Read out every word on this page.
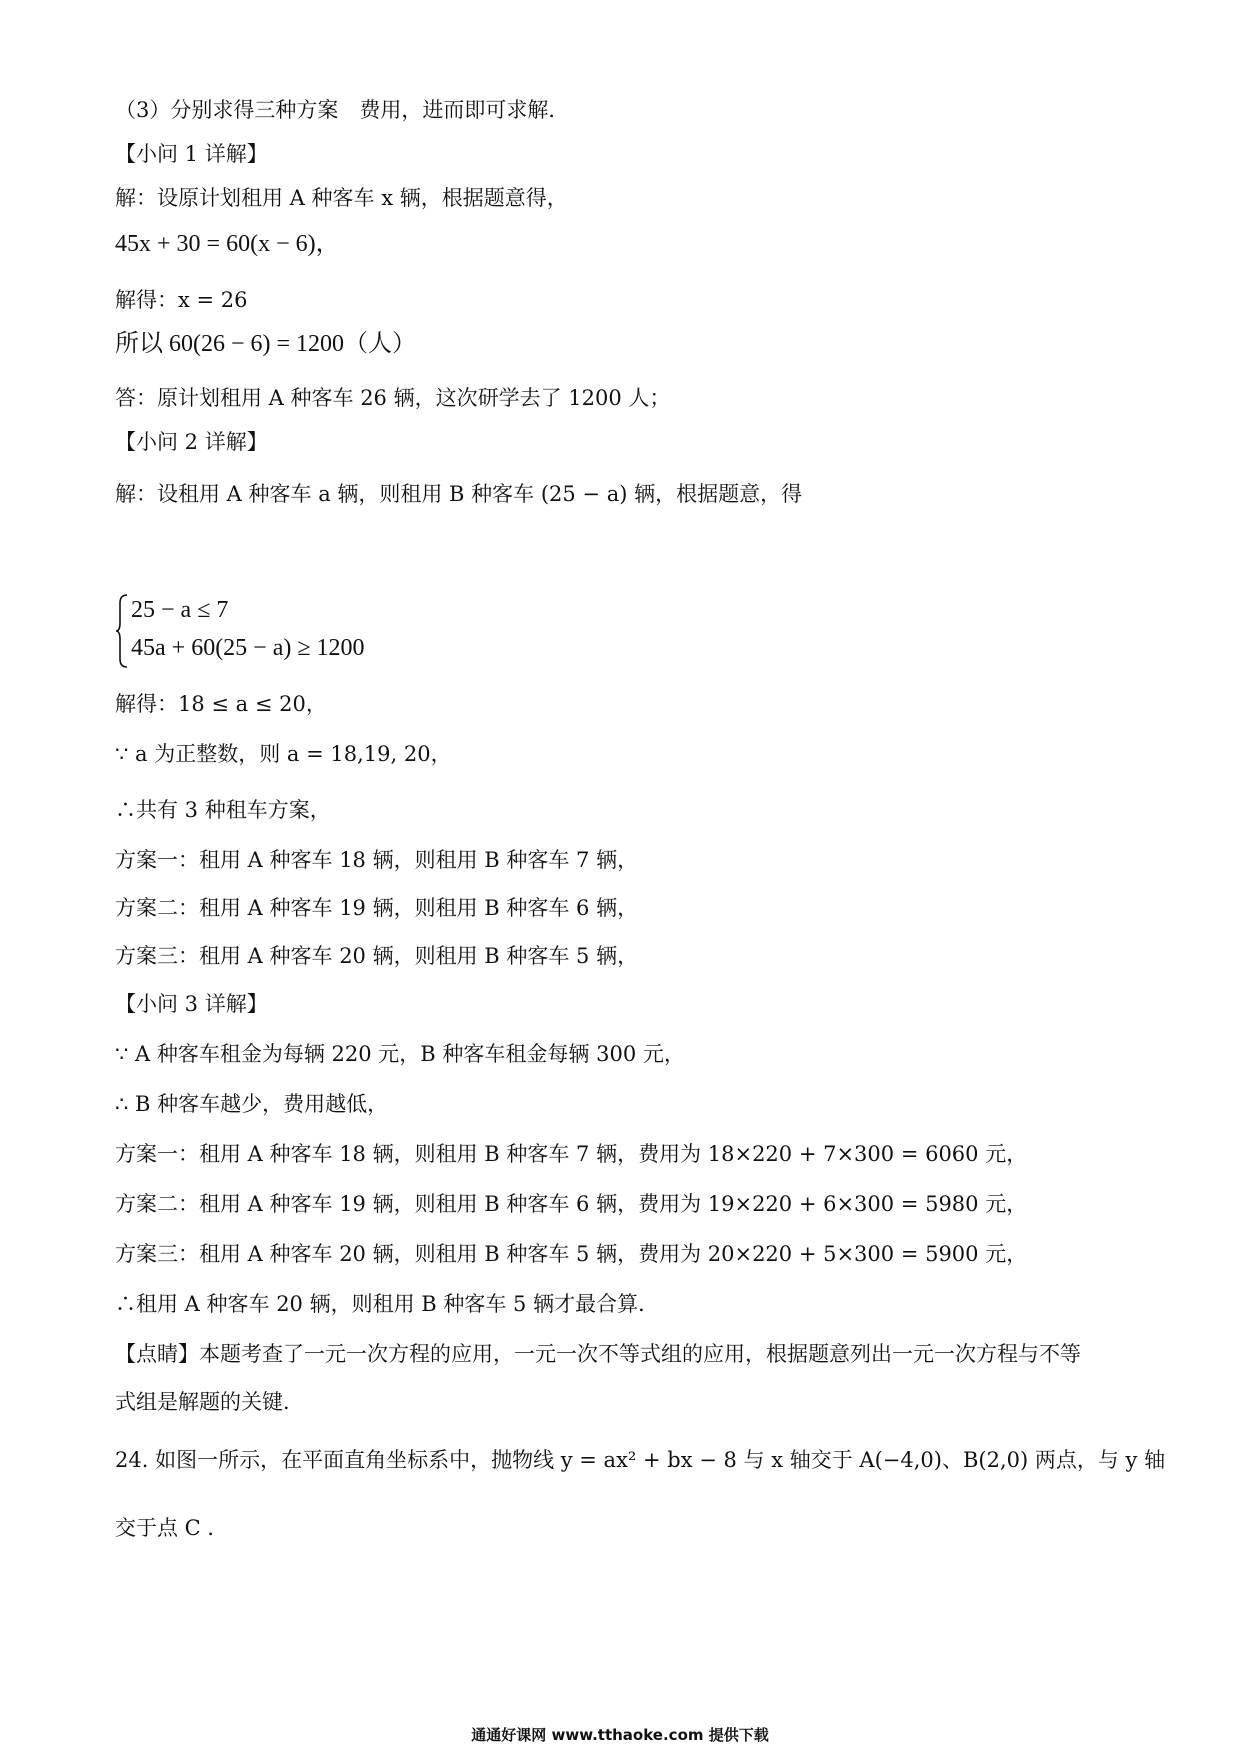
（3）分别求得三种方案　费用，进而即可求解．
【小问 1 详解】
解：设原计划租用 A 种客车 x 辆，根据题意得，
45x + 30 = 60(x − 6)，
解得：x = 26
所以 60(26 − 6) = 1200（人）
答：原计划租用 A 种客车 26 辆，这次研学去了 1200 人；
【小问 2 详解】
解：设租用 A 种客车 a 辆，则租用 B 种客车 (25 − a) 辆，根据题意，得
25 − a ≤ 7
45a + 60(25 − a) ≥ 1200
解得：18 ≤ a ≤ 20，
∵ a 为正整数，则 a = 18,19, 20，
∴共有 3 种租车方案，
方案一：租用 A 种客车 18 辆，则租用 B 种客车 7 辆，
方案二：租用 A 种客车 19 辆，则租用 B 种客车 6 辆，
方案三：租用 A 种客车 20 辆，则租用 B 种客车 5 辆，
【小问 3 详解】
∵ A 种客车租金为每辆 220 元，B 种客车租金每辆 300 元，
∴ B 种客车越少，费用越低，
方案一：租用 A 种客车 18 辆，则租用 B 种客车 7 辆，费用为 18×220 + 7×300 = 6060 元，
方案二：租用 A 种客车 19 辆，则租用 B 种客车 6 辆，费用为 19×220 + 6×300 = 5980 元，
方案三：租用 A 种客车 20 辆，则租用 B 种客车 5 辆，费用为 20×220 + 5×300 = 5900 元，
∴租用 A 种客车 20 辆，则租用 B 种客车 5 辆才最合算．
【点睛】本题考查了一元一次方程的应用，一元一次不等式组的应用，根据题意列出一元一次方程与不等
式组是解题的关键．
24. 如图一所示，在平面直角坐标系中，抛物线 y = ax² + bx − 8 与 x 轴交于 A(−4,0)、B(2,0) 两点，与 y 轴
交于点 C ．
通通好课网 www.tthaoke.com 提供下载
